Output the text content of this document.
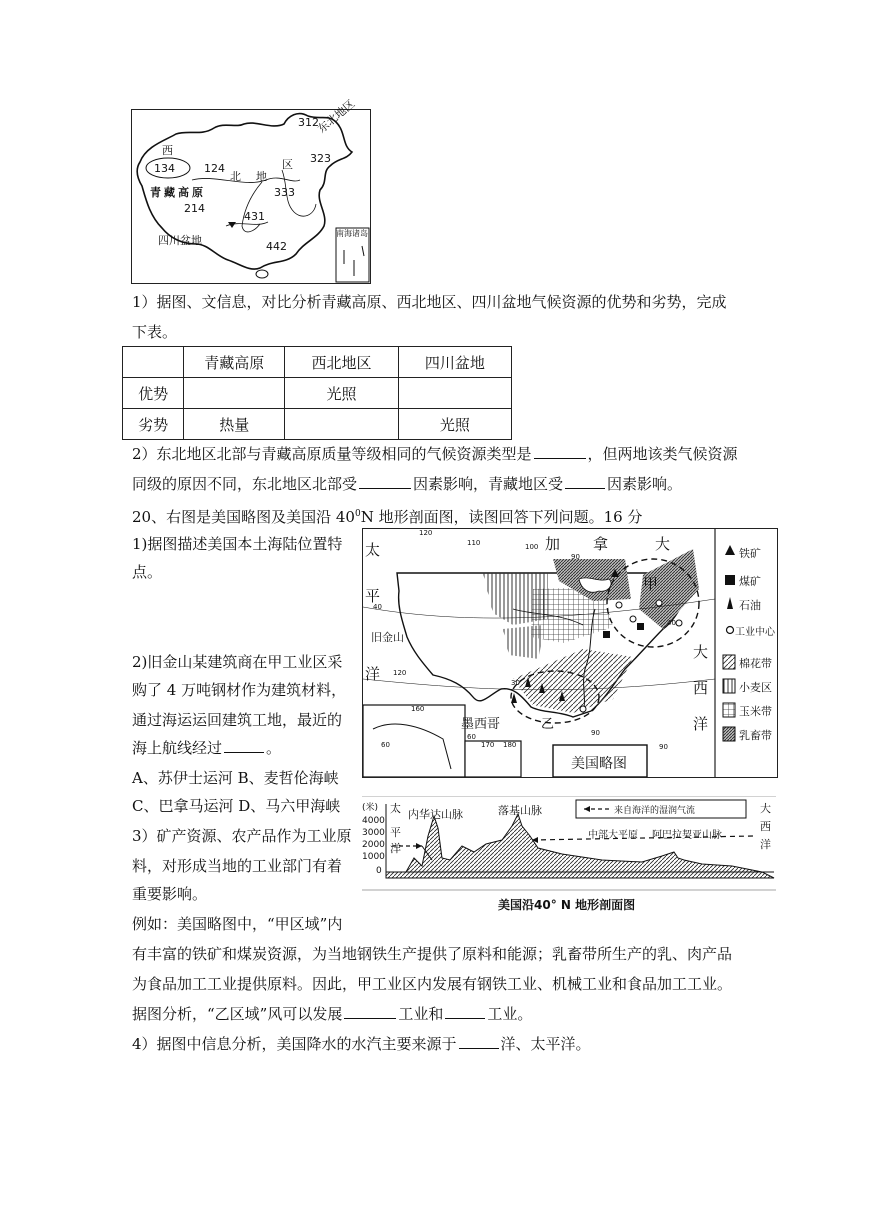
西
134	124
北 地
区
312
东北地区
323
青藏高原	333
214
431
四川盆地	442
南海诸岛
1）据图、文信息，对比分析青藏高原、西北地区、四川盆地气候资源的优势和劣势，完成
下表。
	青藏高原	西北地区	四川盆地
优势		光照	
劣势	热量		光照
2）东北地区北部与青藏高原质量等级相同的气候资源类型是	，但两地该类气候资源
同级的原因不同，东北地区北部受	因素影响，青藏地区受	因素影响。
20、右图是美国略图及美国沿 $40^0N$ 地形剖面图，读图回答下列问题。16 分
1)据图描述美国本土海陆位置特
点。
2)旧金山某建筑商在甲工业区采
购了 4 万吨钢材作为建筑材料，
通过海运运回建筑工地，最近的
海上航线经过	。
A、苏伊士运河 B、麦哲伦海峡
C、巴拿马运河 D、马六甲海峡
3）矿产资源、农产品作为工业原
料，对形成当地的工业部门有着
重要影响。
例如：美国略图中，“甲区域”内
120
110	100
90
40
40
30
120
90
160
60	170 180
60
90
加 拿	大
太
平
洋
大
西
洋
墨西哥
旧金山
甲
乙
美国略图
铁矿
煤矿
石油
工业中心
棉花带
小麦区
玉米带
乳畜带
(米)
4000
3000
2000
1000
0
太
平
洋
大
西
洋
内华达山脉	落基山脉
中部大平原 阿巴拉契亚山脉
来自海洋的湿润气流
美国沿40° N 地形剖面图
有丰富的铁矿和煤炭资源，为当地钢铁生产提供了原料和能源；乳畜带所生产的乳、肉产品
为食品加工工业提供原料。因此，甲工业区内发展有钢铁工业、机械工业和食品加工工业。
据图分析，“乙区域”风可以发展	工业和	工业。
4）据图中信息分析，美国降水的水汽主要来源于	洋、太平洋。
